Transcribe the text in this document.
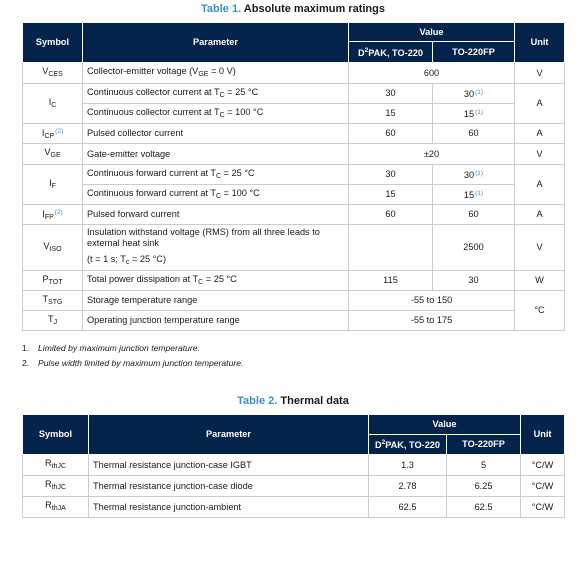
Table 1. Absolute maximum ratings
Symbol	Parameter	Value		Unit
		$D^2PAK$, TO-220	TO-220FP	
$V_{CES}$	Collector-emitter voltage ($V_{GE} = 0$ V)	600		V
$I_C$	Continuous collector current at $T_C = 25$ °C	30	30$^{(1)}$	A
	Continuous collector current at $T_C = 100$ °C	15	15$^{(1)}$
$I_{CP}^{(2)}$	Pulsed collector current	60	60	A
$V_{GE}$	Gate-emitter voltage	±20		V
$I_F$	Continuous forward current at $T_C = 25$ °C	30	30$^{(1)}$	A
	Continuous forward current at $T_C = 100$ °C	15	15$^{(1)}$
$I_{FP}^{(2)}$	Pulsed forward current	60	60	A
$V_{ISO}$	Insulation withstand voltage (RMS) from all three leads to
external heat sink
(t = 1 s; $T_c = 25$ °C)		2500	V
$P_{TOT}$	Total power dissipation at $T_C = 25$ °C	115	30	W
$T_{STG}$	Storage temperature range	-55 to 150		°C
$T_J$	Operating junction temperature range	-55 to 175		
1. Limited by maximum junction temperature.
2. Pulse width limited by maximum junction temperature.
Table 2. Thermal data
Symbol	Parameter	Value		Unit
		$D^2PAK$, TO-220	TO-220FP	
$R_{thJC}$	Thermal resistance junction-case IGBT	1.3	5	°C/W
$R_{thJC}$	Thermal resistance junction-case diode	2.78	6.25	°C/W
$R_{thJA}$	Thermal resistance junction-ambient	62.5	62.5	°C/W
